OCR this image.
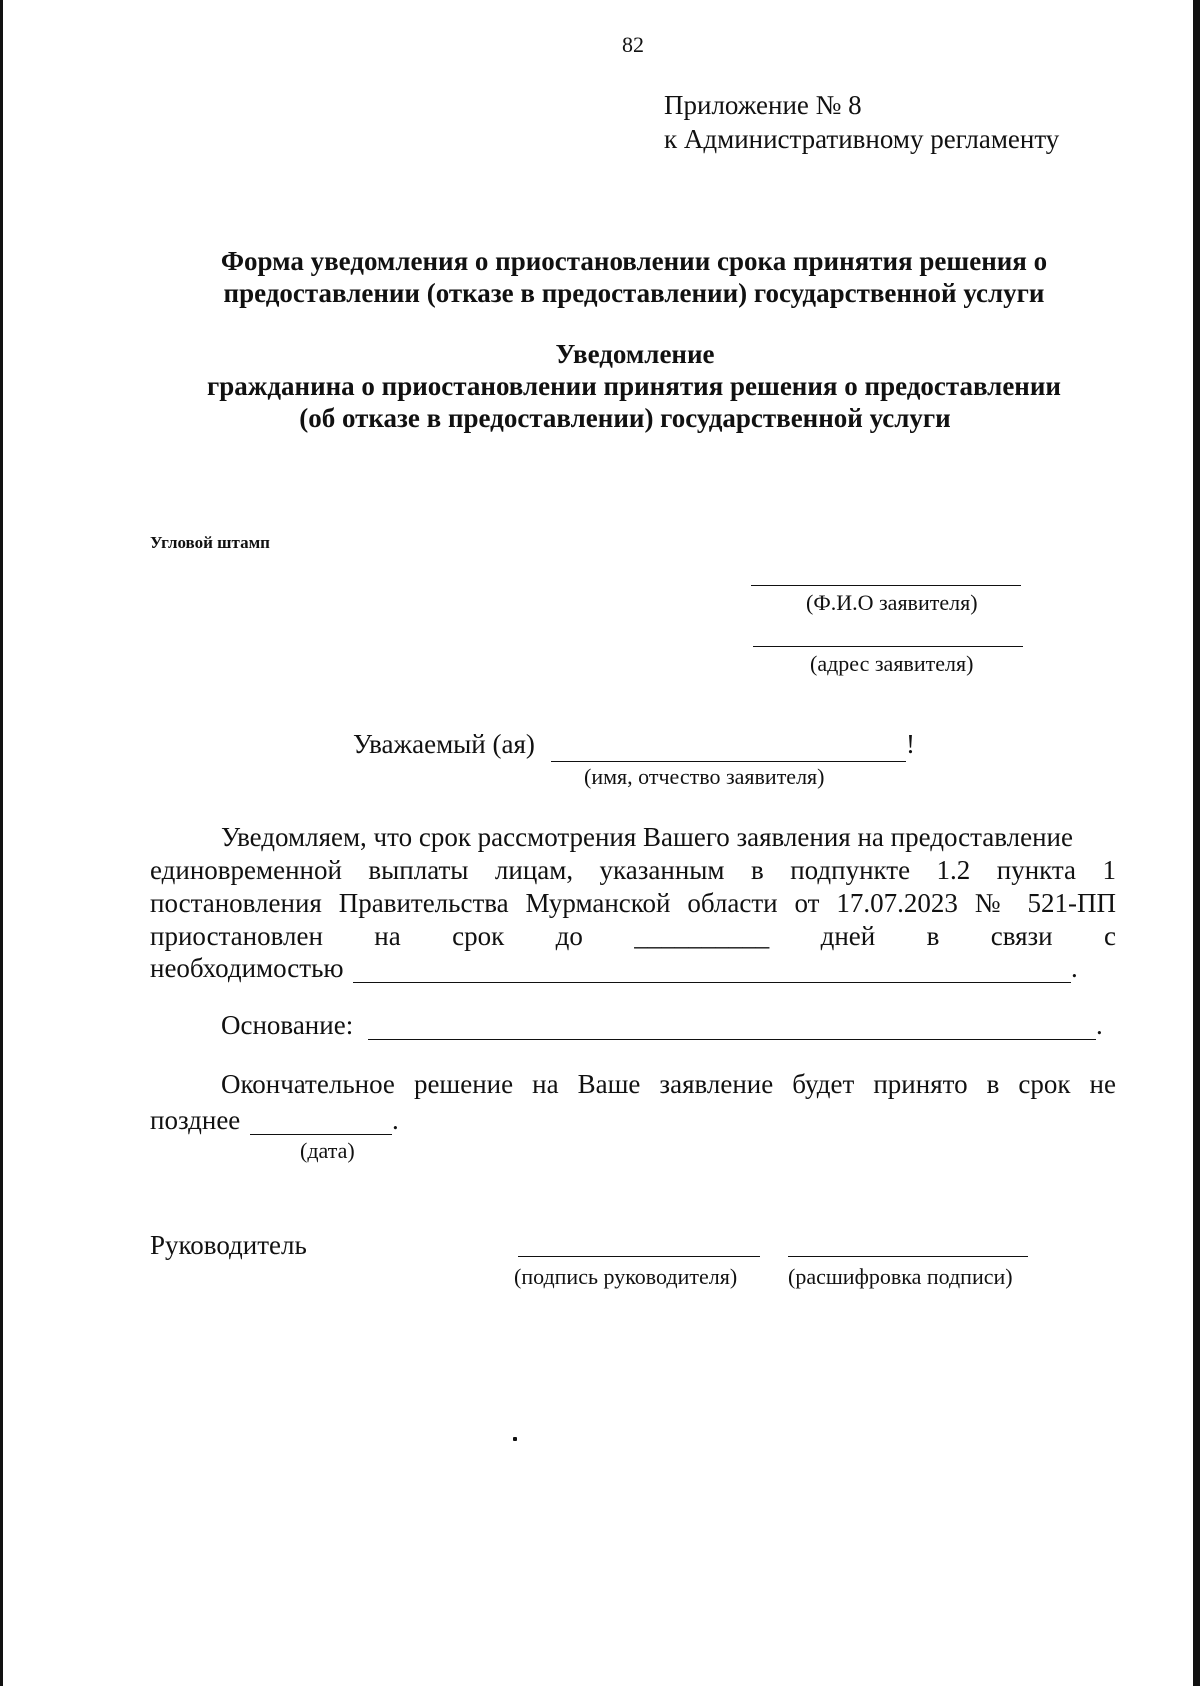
82
Приложение № 8
к Административному регламенту
Форма уведомления о приостановлении срока принятия решения о
предоставлении (отказе в предоставлении) государственной услуги
Уведомление
гражданина о приостановлении принятия решения о предоставлении
(об отказе в предоставлении) государственной услуги
Угловой штамп
(Ф.И.О заявителя)
(адрес заявителя)
Уважаемый (ая)	!
(имя, отчество заявителя)
Уведомляем, что срок рассмотрения Вашего заявления на предоставление
единовременной выплаты лицам, указанным в подпункте 1.2 пункта 1
постановления Правительства Мурманской области от 17.07.2023 № 521-ПП
приостановлен на срок до __________ дней в связи с
необходимостью	.
Основание:	.
Окончательное решение на Ваше заявление будет принято в срок не
позднее	.
(дата)
Руководитель
(подпись руководителя) (расшифровка подписи)
